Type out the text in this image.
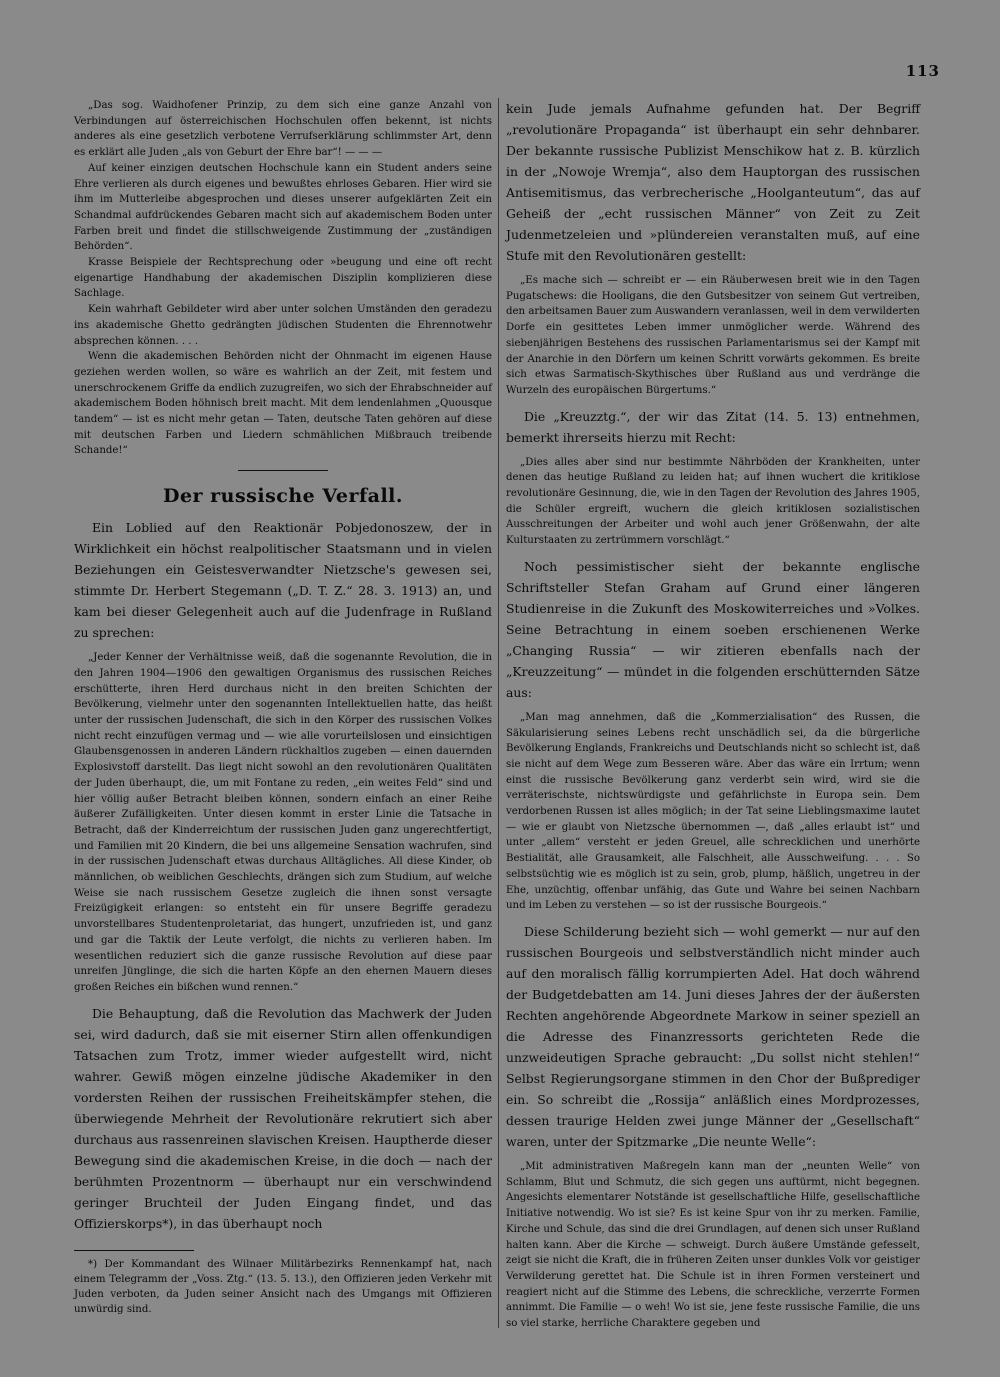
113

„Das sog. Waidhofener Prinzip, zu dem sich eine ganze Anzahl von Verbindungen auf österreichischen Hochschulen offen bekennt, ist nichts anderes als eine gesetzlich verbotene Verrufserklärung schlimmster Art, denn es erklärt alle Juden „als von Geburt der Ehre bar“! — — —

Auf keiner einzigen deutschen Hochschule kann ein Student anders seine Ehre verlieren als durch eigenes und bewußtes ehrloses Gebaren. Hier wird sie ihm im Mutterleibe abgesprochen und dieses unserer aufgeklärten Zeit ein Schandmal aufdrückendes Gebaren macht sich auf akademischem Boden unter Farben breit und findet die stillschweigende Zustimmung der „zuständigen Behörden“.

Krasse Beispiele der Rechtsprechung oder »beugung und eine oft recht eigenartige Handhabung der akademischen Disziplin komplizieren diese Sachlage.

Kein wahrhaft Gebildeter wird aber unter solchen Umständen den geradezu ins akademische Ghetto gedrängten jüdischen Studenten die Ehrennotwehr absprechen können. . . .

Wenn die akademischen Behörden nicht der Ohnmacht im eigenen Hause geziehen werden wollen, so wäre es wahrlich an der Zeit, mit festem und unerschrockenem Griffe da endlich zuzugreifen, wo sich der Ehrabschneider auf akademischem Boden höhnisch breit macht. Mit dem lendenlahmen „Quousque tandem“ — ist es nicht mehr getan — Taten, deutsche Taten gehören auf diese mit deutschen Farben und Liedern schmählichen Mißbrauch treibende Schande!“

Der russische Verfall.

Ein Loblied auf den Reaktionär Pobjedonoszew, der in Wirklichkeit ein höchst realpolitischer Staatsmann und in vielen Beziehungen ein Geistesverwandter Nietzsche's gewesen sei, stimmte Dr. Herbert Stegemann („D. T. Z.“ 28. 3. 1913) an, und kam bei dieser Gelegenheit auch auf die Judenfrage in Rußland zu sprechen:

„Jeder Kenner der Verhältnisse weiß, daß die sogenannte Revolution, die in den Jahren 1904—1906 den gewaltigen Organismus des russischen Reiches erschütterte, ihren Herd durchaus nicht in den breiten Schichten der Bevölkerung, vielmehr unter den sogenannten Intellektuellen hatte, das heißt unter der russischen Judenschaft, die sich in den Körper des russischen Volkes nicht recht einzufügen vermag und — wie alle vorurteilslosen und einsichtigen Glaubensgenossen in anderen Ländern rückhaltlos zugeben — einen dauernden Explosivstoff darstellt. Das liegt nicht sowohl an den revolutionären Qualitäten der Juden überhaupt, die, um mit Fontane zu reden, „ein weites Feld“ sind und hier völlig außer Betracht bleiben können, sondern einfach an einer Reihe äußerer Zufälligkeiten. Unter diesen kommt in erster Linie die Tatsache in Betracht, daß der Kinderreichtum der russischen Juden ganz ungerechtfertigt, und Familien mit 20 Kindern, die bei uns allgemeine Sensation wachrufen, sind in der russischen Judenschaft etwas durchaus Alltägliches. All diese Kinder, ob männlichen, ob weiblichen Geschlechts, drängen sich zum Studium, auf welche Weise sie nach russischem Gesetze zugleich die ihnen sonst versagte Freizügigkeit erlangen: so entsteht ein für unsere Begriffe geradezu unvorstellbares Studentenproletariat, das hungert, unzufrieden ist, und ganz und gar die Taktik der Leute verfolgt, die nichts zu verlieren haben. Im wesentlichen reduziert sich die ganze russische Revolution auf diese paar unreifen Jünglinge, die sich die harten Köpfe an den ehernen Mauern dieses großen Reiches ein bißchen wund rennen.“

Die Behauptung, daß die Revolution das Machwerk der Juden sei, wird dadurch, daß sie mit eiserner Stirn allen offenkundigen Tatsachen zum Trotz, immer wieder aufgestellt wird, nicht wahrer. Gewiß mögen einzelne jüdische Akademiker in den vordersten Reihen der russischen Freiheitskämpfer stehen, die überwiegende Mehrheit der Revolutionäre rekrutiert sich aber durchaus aus rassenreinen slavischen Kreisen. Hauptherde dieser Bewegung sind die akademischen Kreise, in die doch — nach der berühmten Prozentnorm — überhaupt nur ein verschwindend geringer Bruchteil der Juden Eingang findet, und das Offizierskorps*), in das überhaupt noch

*) Der Kommandant des Wilnaer Militärbezirks Rennenkampf hat, nach einem Telegramm der „Voss. Ztg.“ (13. 5. 13.), den Offizieren jeden Verkehr mit Juden verboten, da Juden seiner Ansicht nach des Umgangs mit Offizieren unwürdig sind.

kein Jude jemals Aufnahme gefunden hat. Der Begriff „revolutionäre Propaganda“ ist überhaupt ein sehr dehnbarer. Der bekannte russische Publizist Menschikow hat z. B. kürzlich in der „Nowoje Wremja“, also dem Hauptorgan des russischen Antisemitismus, das verbrecherische „Hoolganteutum“, das auf Geheiß der „echt russischen Männer“ von Zeit zu Zeit Judenmetzeleien und »plündereien veranstalten muß, auf eine Stufe mit den Revolutionären gestellt:

„Es mache sich — schreibt er — ein Räuberwesen breit wie in den Tagen Pugatschews: die Hooligans, die den Gutsbesitzer von seinem Gut vertreiben, den arbeitsamen Bauer zum Auswandern veranlassen, weil in dem verwilderten Dorfe ein gesittetes Leben immer unmöglicher werde. Während des siebenjährigen Bestehens des russischen Parlamentarismus sei der Kampf mit der Anarchie in den Dörfern um keinen Schritt vorwärts gekommen. Es breite sich etwas Sarmatisch-Skythisches über Rußland aus und verdränge die Wurzeln des europäischen Bürgertums.“

Die „Kreuzztg.“, der wir das Zitat (14. 5. 13) entnehmen, bemerkt ihrerseits hierzu mit Recht:

„Dies alles aber sind nur bestimmte Nährböden der Krankheiten, unter denen das heutige Rußland zu leiden hat; auf ihnen wuchert die kritiklose revolutionäre Gesinnung, die, wie in den Tagen der Revolution des Jahres 1905, die Schüler ergreift, wuchern die gleich kritiklosen sozialistischen Ausschreitungen der Arbeiter und wohl auch jener Größenwahn, der alte Kulturstaaten zu zertrümmern vorschlägt.“

Noch pessimistischer sieht der bekannte englische Schriftsteller Stefan Graham auf Grund einer längeren Studienreise in die Zukunft des Moskowiterreiches und »Volkes. Seine Betrachtung in einem soeben erschienenen Werke „Changing Russia“ — wir zitieren ebenfalls nach der „Kreuzzeitung“ — mündet in die folgenden erschütternden Sätze aus:

„Man mag annehmen, daß die „Kommerzialisation“ des Russen, die Säkularisierung seines Lebens recht unschädlich sei, da die bürgerliche Bevölkerung Englands, Frankreichs und Deutschlands nicht so schlecht ist, daß sie nicht auf dem Wege zum Besseren wäre. Aber das wäre ein Irrtum; wenn einst die russische Bevölkerung ganz verderbt sein wird, wird sie die verräterischste, nichtswürdigste und gefährlichste in Europa sein. Dem verdorbenen Russen ist alles möglich; in der Tat seine Lieblingsmaxime lautet — wie er glaubt von Nietzsche übernommen —, daß „alles erlaubt ist“ und unter „allem“ versteht er jeden Greuel, alle schrecklichen und unerhörte Bestialität, alle Grausamkeit, alle Falschheit, alle Ausschweifung. . . . So selbstsüchtig wie es möglich ist zu sein, grob, plump, häßlich, ungetreu in der Ehe, unzüchtig, offenbar unfähig, das Gute und Wahre bei seinen Nachbarn und im Leben zu verstehen — so ist der russische Bourgeois.“

Diese Schilderung bezieht sich — wohl gemerkt — nur auf den russischen Bourgeois und selbstverständlich nicht minder auch auf den moralisch fällig korrumpierten Adel. Hat doch während der Budgetdebatten am 14. Juni dieses Jahres der der äußersten Rechten angehörende Abgeordnete Markow in seiner speziell an die Adresse des Finanzressorts gerichteten Rede die unzweideutigen Sprache gebraucht: „Du sollst nicht stehlen!“ Selbst Regierungsorgane stimmen in den Chor der Bußprediger ein. So schreibt die „Rossija“ anläßlich eines Mordprozesses, dessen traurige Helden zwei junge Männer der „Gesellschaft“ waren, unter der Spitzmarke „Die neunte Welle“:

„Mit administrativen Maßregeln kann man der „neunten Welle“ von Schlamm, Blut und Schmutz, die sich gegen uns auftürmt, nicht begegnen. Angesichts elementarer Notstände ist gesellschaftliche Hilfe, gesellschaftliche Initiative notwendig. Wo ist sie? Es ist keine Spur von ihr zu merken. Familie, Kirche und Schule, das sind die drei Grundlagen, auf denen sich unser Rußland halten kann. Aber die Kirche — schweigt. Durch äußere Umstände gefesselt, zeigt sie nicht die Kraft, die in früheren Zeiten unser dunkles Volk vor geistiger Verwilderung gerettet hat. Die Schule ist in ihren Formen versteinert und reagiert nicht auf die Stimme des Lebens, die schreckliche, verzerrte Formen annimmt. Die Familie — o weh! Wo ist sie, jene feste russische Familie, die uns so viel starke, herrliche Charaktere gegeben und
